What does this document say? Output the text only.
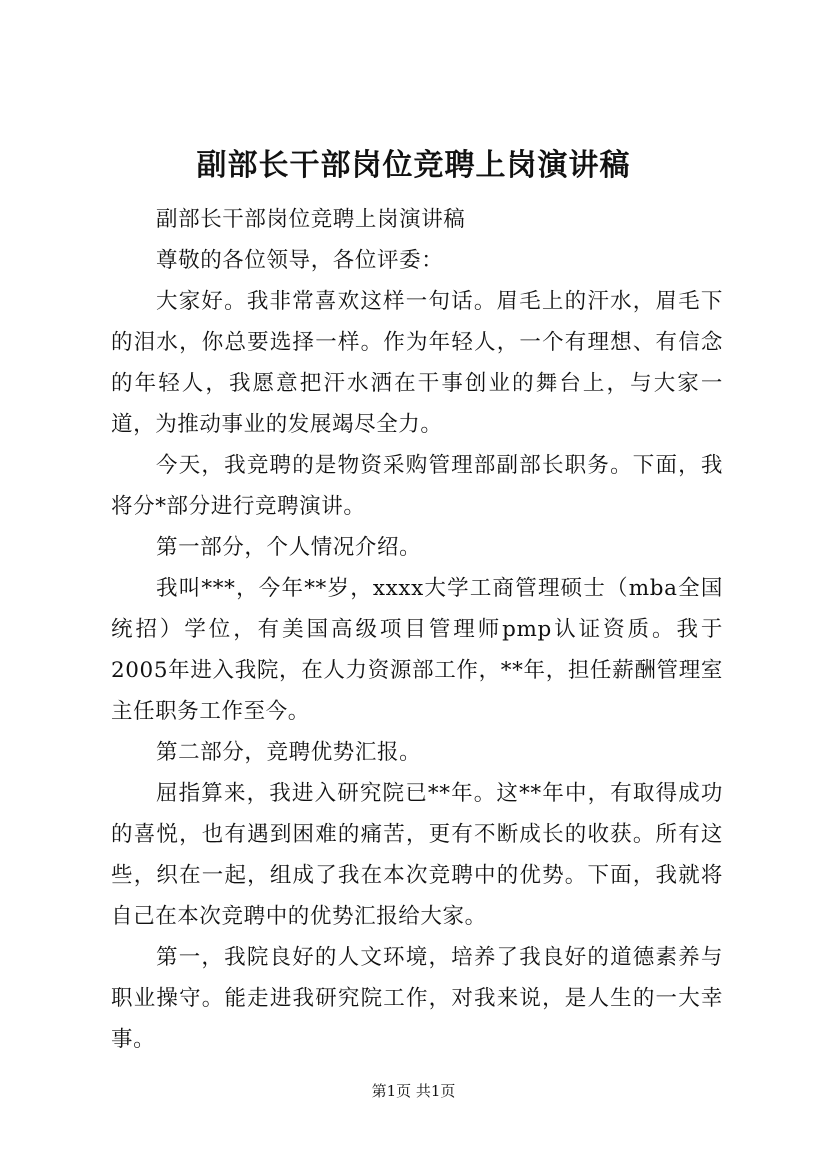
副部长干部岗位竞聘上岗演讲稿

副部长干部岗位竞聘上岗演讲稿

尊敬的各位领导，各位评委：

大家好。我非常喜欢这样一句话。眉毛上的汗水，眉毛下的泪水，你总要选择一样。作为年轻人，一个有理想、有信念的年轻人，我愿意把汗水洒在干事创业的舞台上，与大家一道，为推动事业的发展竭尽全力。

今天，我竞聘的是物资采购管理部副部长职务。下面，我将分*部分进行竞聘演讲。

第一部分，个人情况介绍。

我叫***，今年**岁，xxxx大学工商管理硕士（mba全国统招）学位，有美国高级项目管理师pmp认证资质。我于2005年进入我院，在人力资源部工作，**年，担任薪酬管理室主任职务工作至今。

第二部分，竞聘优势汇报。

屈指算来，我进入研究院已**年。这**年中，有取得成功的喜悦，也有遇到困难的痛苦，更有不断成长的收获。所有这些，织在一起，组成了我在本次竞聘中的优势。下面，我就将自己在本次竞聘中的优势汇报给大家。

第一，我院良好的人文环境，培养了我良好的道德素养与职业操守。能走进我研究院工作，对我来说，是人生的一大幸事。

第1页 共1页
